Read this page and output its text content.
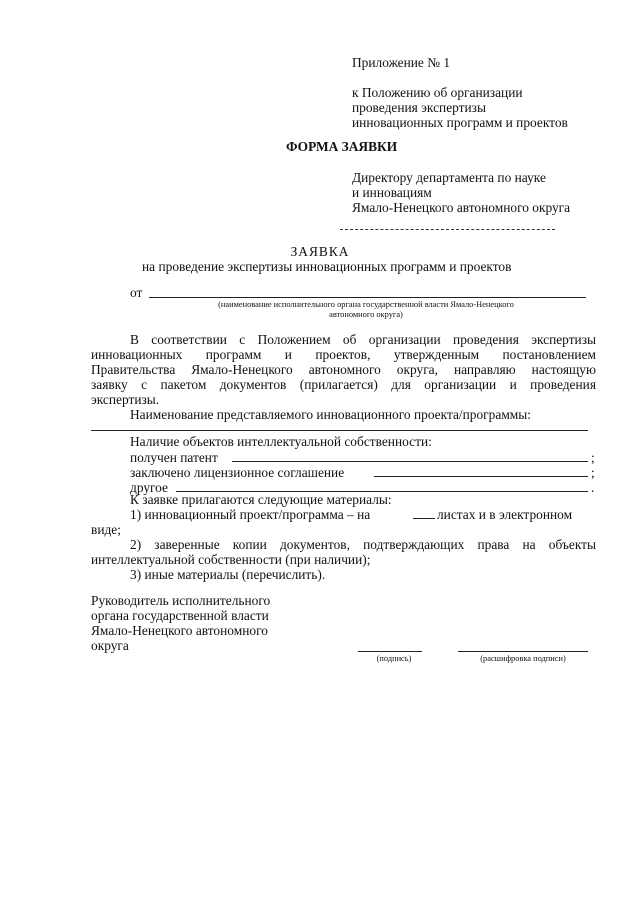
Приложение № 1
к Положению об организации
проведения экспертизы
инновационных программ и проектов
ФОРМА ЗАЯВКИ
Директору департамента по науке
и инновациям
Ямало-Ненецкого автономного округа
ЗАЯВКА
на проведение экспертизы инновационных программ и проектов
от
(наименование исполнительного органа государственной власти Ямало-Ненецкого
автономного округа)
В соответствии с Положением об организации проведения экспертизы
инновационных программ и проектов, утвержденным постановлением
Правительства Ямало-Ненецкого автономного округа, направляю настоящую
заявку с пакетом документов (прилагается) для организации и проведения
экспертизы.
Наименование представляемого инновационного проекта/программы:
Наличие объектов интеллектуальной собственности:
получен патент	;
заключено лицензионное соглашение	;
другое	.
К заявке прилагаются следующие материалы:
1) инновационный проект/программа – на	листах и в электронном
виде;
2) заверенные копии документов, подтверждающих права на объекты
интеллектуальной собственности (при наличии);
3) иные материалы (перечислить).
Руководитель исполнительного
органа государственной власти
Ямало-Ненецкого автономного
округа
(подпись)	(расшифровка подписи)
